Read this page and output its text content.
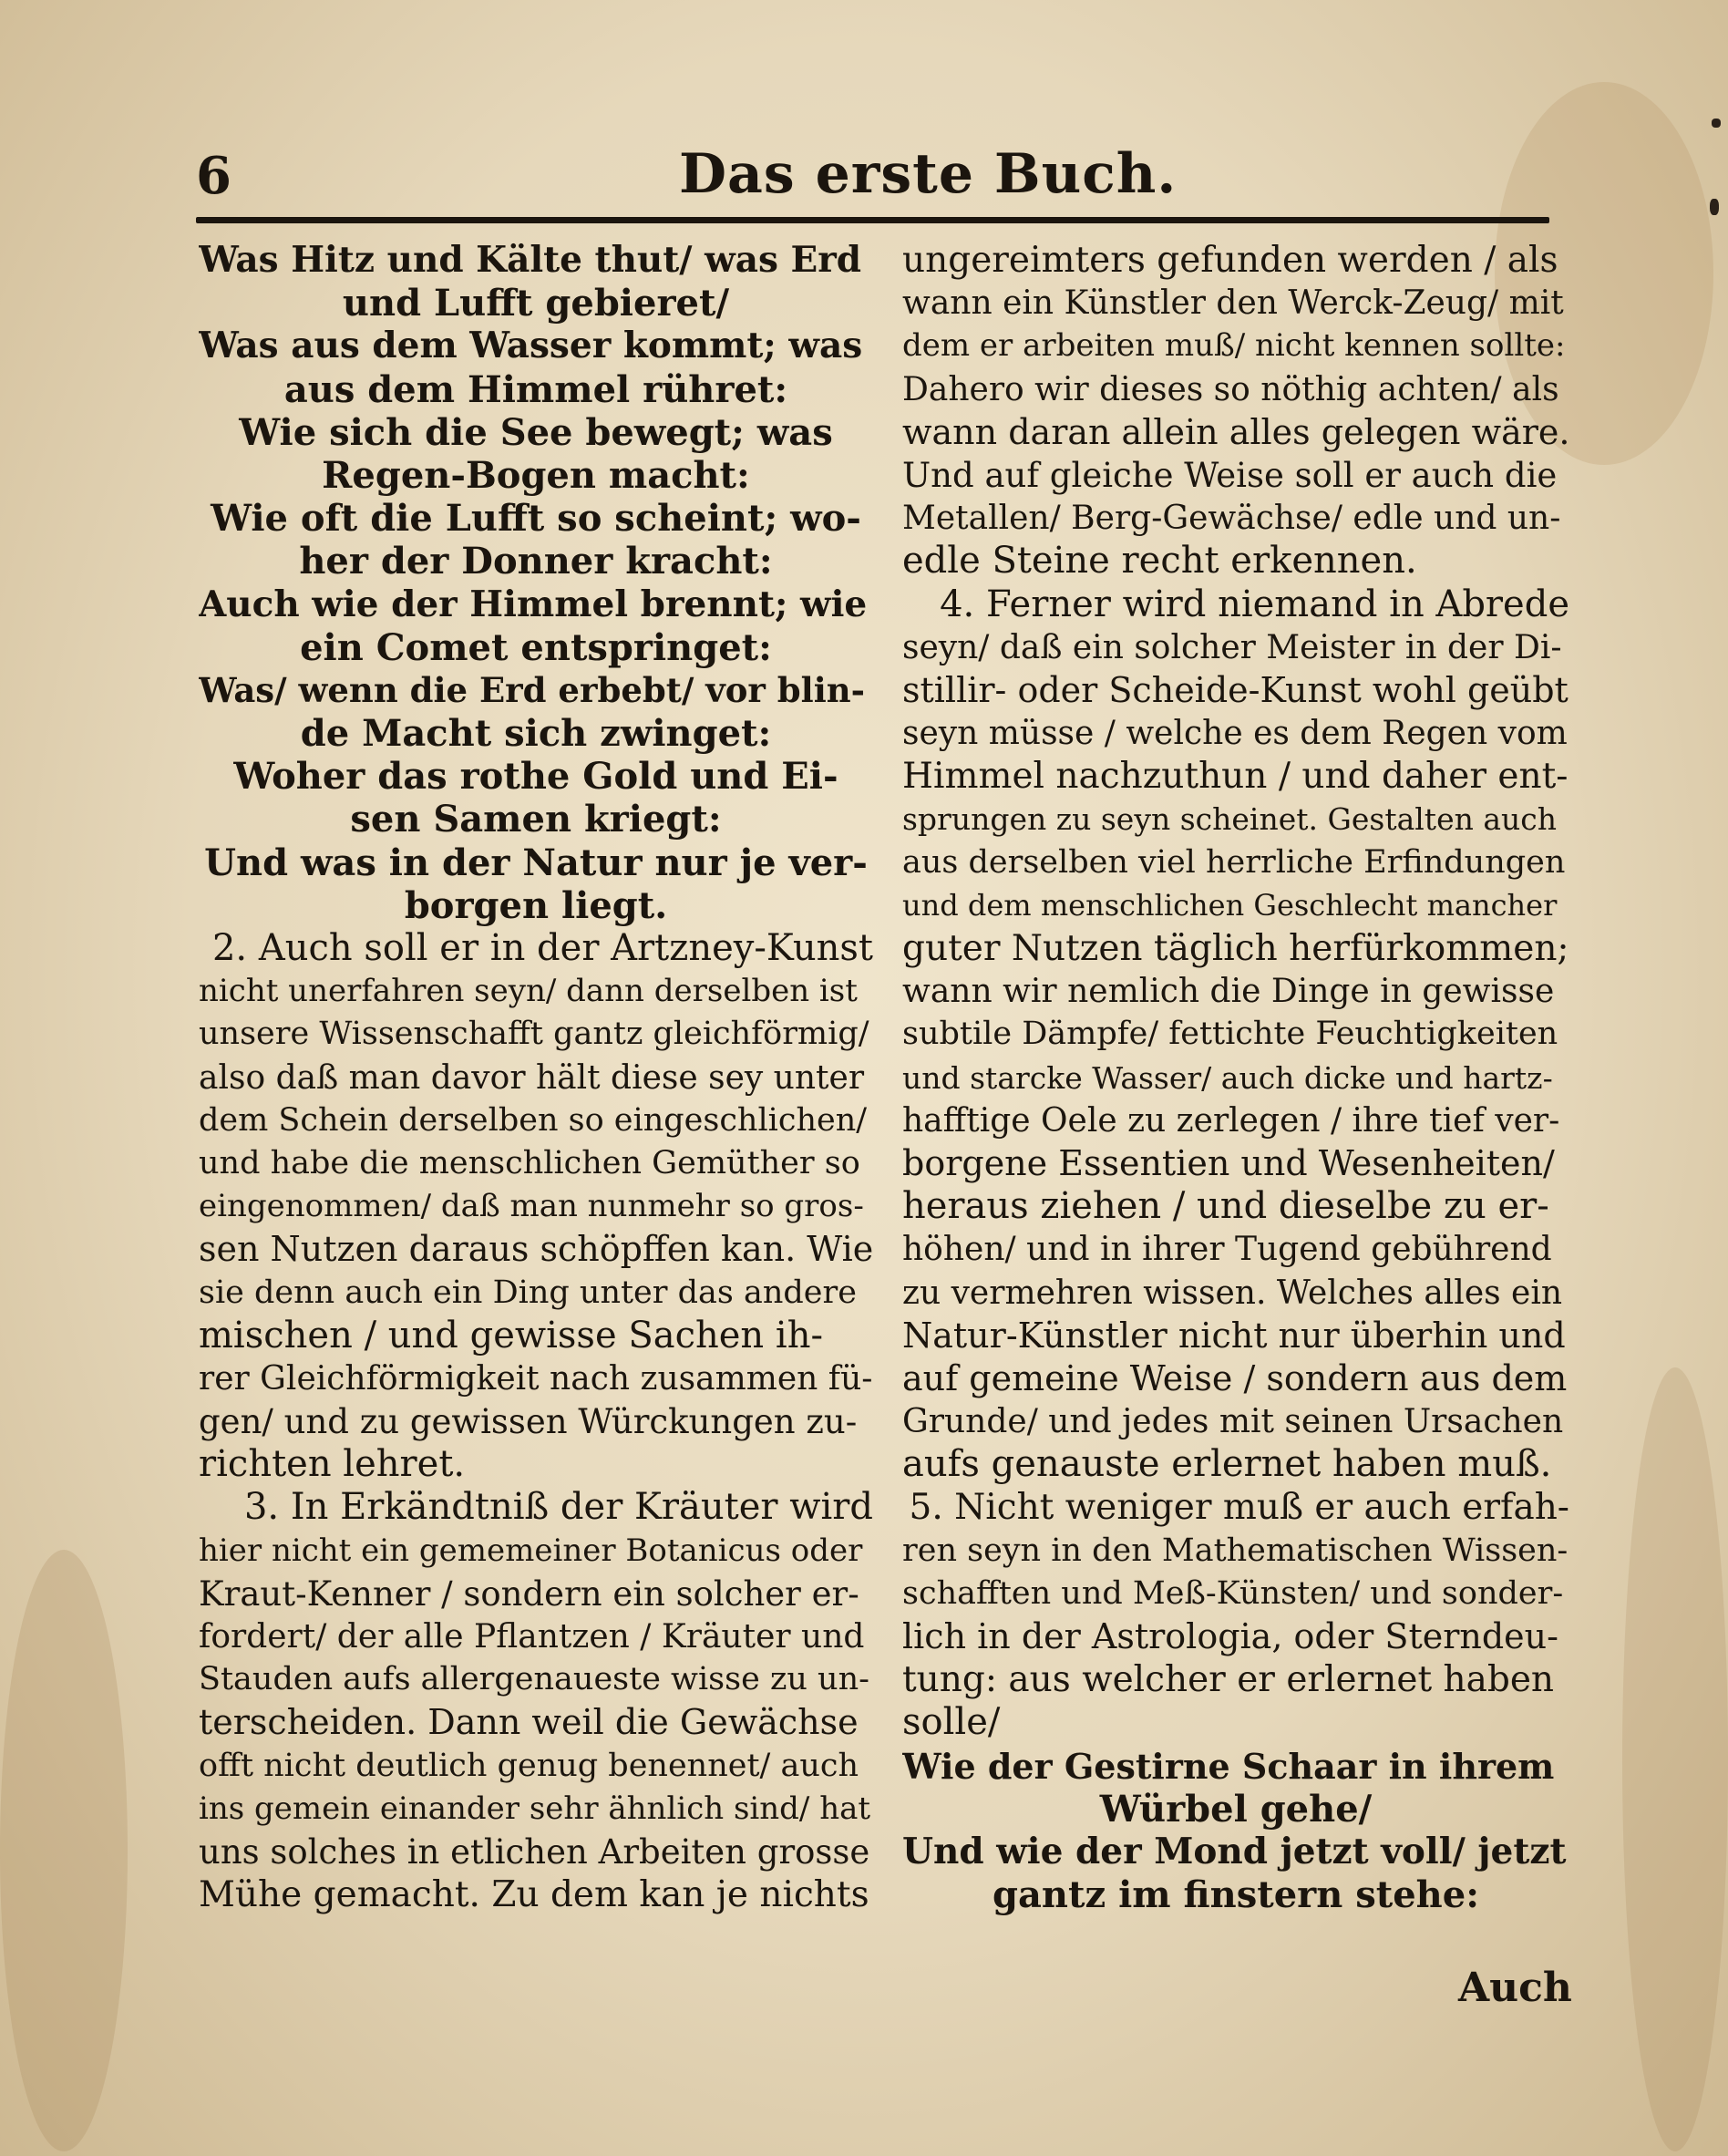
6	Das erste Buch.
Was Hitz und Kälte thut/ was Erd
und Lufft gebieret/
Was aus dem Wasser kommt; was
aus dem Himmel rühret:
Wie sich die See bewegt; was
Regen-Bogen macht:
Wie oft die Lufft so scheint; wo-
her der Donner kracht:
Auch wie der Himmel brennt; wie
ein Comet entspringet:
Was/ wenn die Erd erbebt/ vor blin-
de Macht sich zwinget:
Woher das rothe Gold und Ei-
sen Samen kriegt:
Und was in der Natur nur je ver-
borgen liegt.
2. Auch soll er in der Artzney-Kunst
nicht unerfahren seyn/ dann derselben ist
unsere Wissenschafft gantz gleichförmig/
also daß man davor hält diese sey unter
dem Schein derselben so eingeschlichen/
und habe die menschlichen Gemüther so
eingenommen/ daß man nunmehr so gros-
sen Nutzen daraus schöpffen kan. Wie
sie denn auch ein Ding unter das andere
mischen / und gewisse Sachen ih-
rer Gleichförmigkeit nach zusammen fü-
gen/ und zu gewissen Würckungen zu-
richten lehret.
3. In Erkändtniß der Kräuter wird
hier nicht ein gememeiner Botanicus oder
Kraut-Kenner / sondern ein solcher er-
fordert/ der alle Pflantzen / Kräuter und
Stauden aufs allergenaueste wisse zu un-
terscheiden. Dann weil die Gewächse
offt nicht deutlich genug benennet/ auch
ins gemein einander sehr ähnlich sind/ hat
uns solches in etlichen Arbeiten grosse
Mühe gemacht. Zu dem kan je nichts
ungereimters gefunden werden / als
wann ein Künstler den Werck-Zeug/ mit
dem er arbeiten muß/ nicht kennen sollte:
Dahero wir dieses so nöthig achten/ als
wann daran allein alles gelegen wäre.
Und auf gleiche Weise soll er auch die
Metallen/ Berg-Gewächse/ edle und un-
edle Steine recht erkennen.
4. Ferner wird niemand in Abrede
seyn/ daß ein solcher Meister in der Di-
stillir- oder Scheide-Kunst wohl geübt
seyn müsse / welche es dem Regen vom
Himmel nachzuthun / und daher ent-
sprungen zu seyn scheinet. Gestalten auch
aus derselben viel herrliche Erfindungen
und dem menschlichen Geschlecht mancher
guter Nutzen täglich herfürkommen;
wann wir nemlich die Dinge in gewisse
subtile Dämpfe/ fettichte Feuchtigkeiten
und starcke Wasser/ auch dicke und hartz-
hafftige Oele zu zerlegen / ihre tief ver-
borgene Essentien und Wesenheiten/
heraus ziehen / und dieselbe zu er-
höhen/ und in ihrer Tugend gebührend
zu vermehren wissen. Welches alles ein
Natur-Künstler nicht nur überhin und
auf gemeine Weise / sondern aus dem
Grunde/ und jedes mit seinen Ursachen
aufs genauste erlernet haben muß.
5. Nicht weniger muß er auch erfah-
ren seyn in den Mathematischen Wissen-
schafften und Meß-Künsten/ und sonder-
lich in der Astrologia, oder Sterndeu-
tung: aus welcher er erlernet haben
solle/
Wie der Gestirne Schaar in ihrem
Würbel gehe/
Und wie der Mond jetzt voll/ jetzt
gantz im finstern stehe:
Auch
